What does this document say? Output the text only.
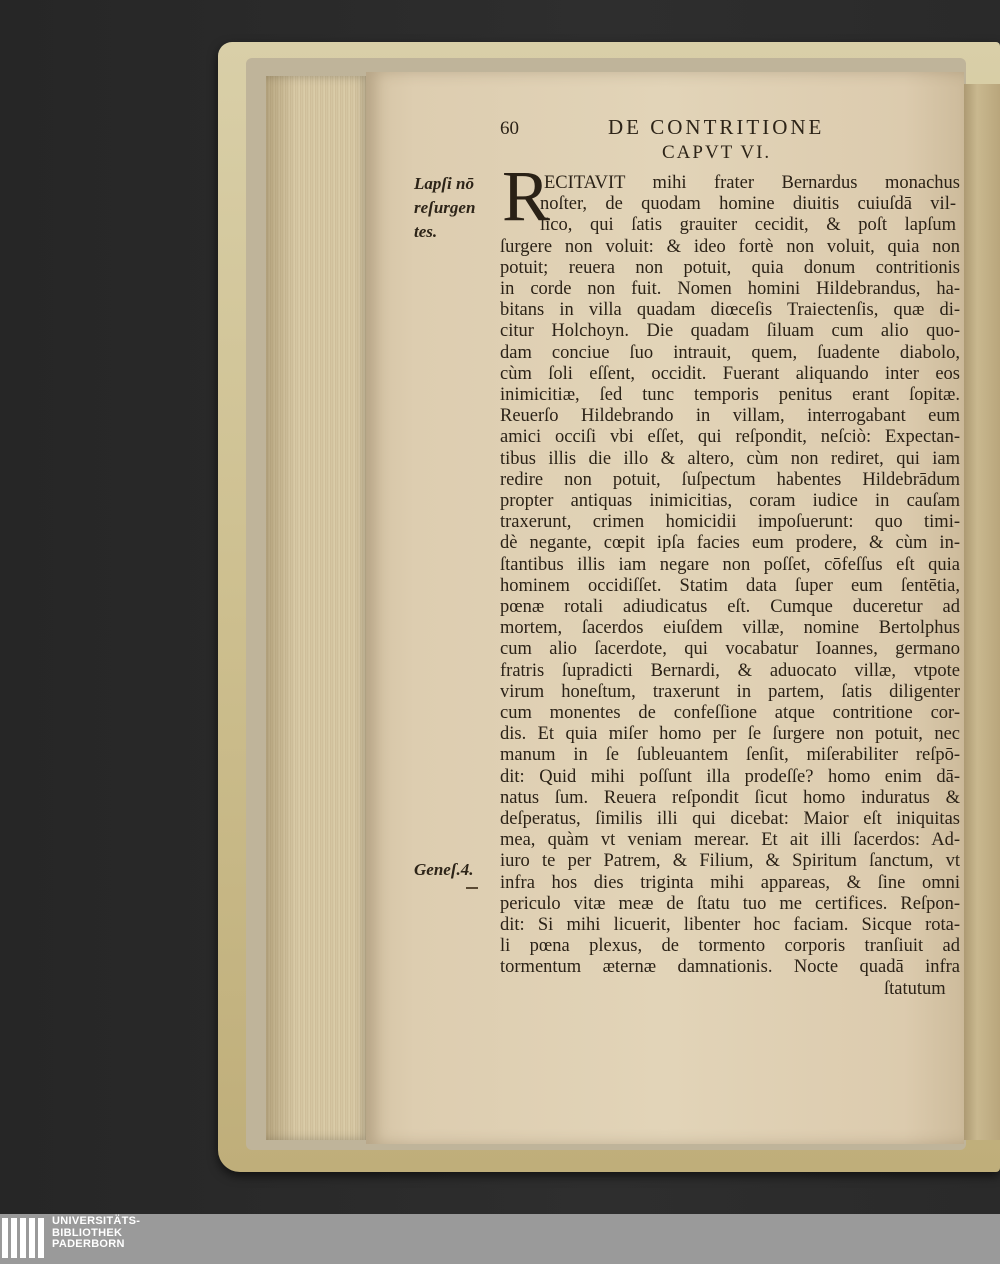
60	DE CONTRITIONE
CAPVT VI.
Lapſi nō
reſurgen
tes.
Geneſ.4.
R
ECITAVIT mihi frater Bernardus monachus
noſter, de quodam homine diuitis cuiuſdā vil-
lico, qui ſatis grauiter cecidit, & poſt lapſum
ſurgere non voluit: & ideo fortè non voluit, quia non
potuit; reuera non potuit, quia donum contritionis
in corde non fuit. Nomen homini Hildebrandus, ha-
bitans in villa quadam diœceſis Traiectenſis, quæ di-
citur Holchoyn. Die quadam ſiluam cum alio quo-
dam conciue ſuo intrauit, quem, ſuadente diabolo,
cùm ſoli eſſent, occidit. Fuerant aliquando inter eos
inimicitiæ, ſed tunc temporis penitus erant ſopitæ.
Reuerſo Hildebrando in villam, interrogabant eum
amici occiſi vbi eſſet, qui reſpondit, neſciò: Expectan-
tibus illis die illo & altero, cùm non rediret, qui iam
redire non potuit, ſuſpectum habentes Hildebrādum
propter antiquas inimicitias, coram iudice in cauſam
traxerunt, crimen homicidii impoſuerunt: quo timi-
dè negante, cœpit ipſa facies eum prodere, & cùm in-
ſtantibus illis iam negare non poſſet, cōfeſſus eſt quia
hominem occidiſſet. Statim data ſuper eum ſentētia,
pœnæ rotali adiudicatus eſt. Cumque duceretur ad
mortem, ſacerdos eiuſdem villæ, nomine Bertolphus
cum alio ſacerdote, qui vocabatur Ioannes, germano
fratris ſupradicti Bernardi, & aduocato villæ, vtpote
virum honeſtum, traxerunt in partem, ſatis diligenter
cum monentes de confeſſione atque contritione cor-
dis. Et quia miſer homo per ſe ſurgere non potuit, nec
manum in ſe ſubleuantem ſenſit, miſerabiliter reſpō-
dit: Quid mihi poſſunt illa prodeſſe? homo enim dā-
natus ſum. Reuera reſpondit ſicut homo induratus &
deſperatus, ſimilis illi qui dicebat: Maior eſt iniquitas
mea, quàm vt veniam merear. Et ait illi ſacerdos: Ad-
iuro te per Patrem, & Filium, & Spiritum ſanctum, vt
infra hos dies triginta mihi appareas, & ſine omni
periculo vitæ meæ de ſtatu tuo me certifices. Reſpon-
dit: Si mihi licuerit, libenter hoc faciam. Sicque rota-
li pœna plexus, de tormento corporis tranſiuit ad
tormentum æternæ damnationis. Nocte quadā infra
ſtatutum
UNIVERSITÄTS-
BIBLIOTHEK
PADERBORN
